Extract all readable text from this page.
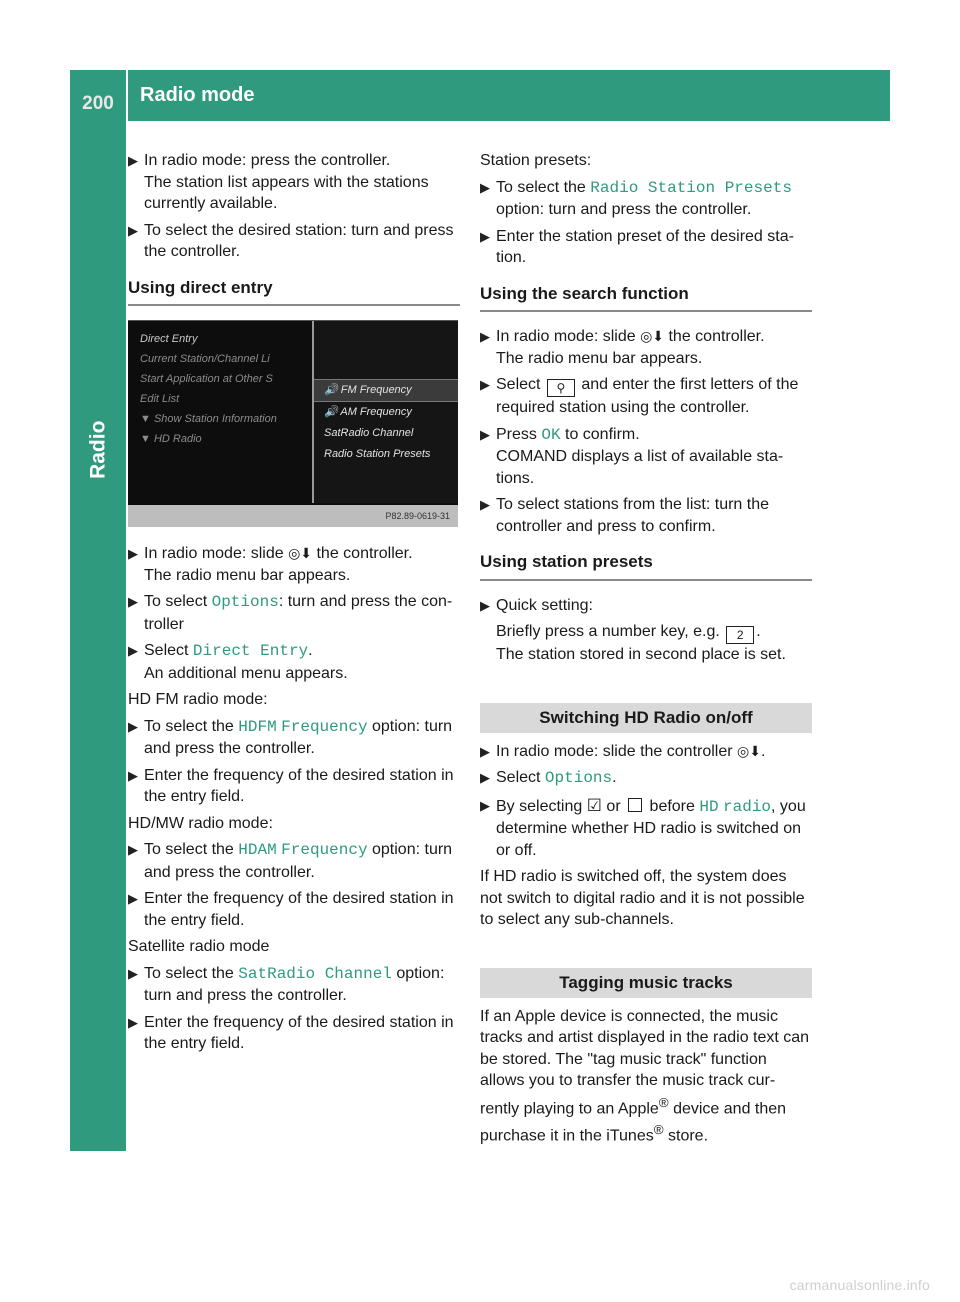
200	Radio mode
Radio
▶ In radio mode: press the controller.
The station list appears with the stations currently available.
▶ To select the desired station: turn and press the controller.
Using direct entry
Direct Entry
Current Station/Channel Li
Start Application at Other S
Edit List
▼ Show Station Information
▼ HD Radio
🔊 FM Frequency
🔊 AM Frequency
SatRadio Channel
Radio Station Presets
P82.89-0619-31
▶ In radio mode: slide ◎⬇ the controller.
The radio menu bar appears.
▶ To select Options: turn and press the con-troller
▶ Select Direct Entry.
An additional menu appears.
HD FM radio mode:
▶ To select the HDFM Frequency option: turn and press the controller.
▶ Enter the frequency of the desired station in the entry field.
HD/MW radio mode:
▶ To select the HDAM Frequency option: turn and press the controller.
▶ Enter the frequency of the desired station in the entry field.
Satellite radio mode
▶ To select the SatRadio Channel option: turn and press the controller.
▶ Enter the frequency of the desired station in the entry field.
Station presets:
▶ To select the Radio Station Presets option: turn and press the controller.
▶ Enter the station preset of the desired sta-tion.
Using the search function
▶ In radio mode: slide ◎⬇ the controller.
The radio menu bar appears.
▶ Select ⚲ and enter the first letters of the required station using the controller.
▶ Press OK to confirm.
COMAND displays a list of available sta-tions.
▶ To select stations from the list: turn the controller and press to confirm.
Using station presets
▶ Quick setting:
Briefly press a number key, e.g. 2 .
The station stored in second place is set.
Switching HD Radio on/off
▶ In radio mode: slide the controller ◎⬇.
▶ Select Options.
▶ By selecting ☑ or  before HD radio, you determine whether HD radio is switched on or off.
If HD radio is switched off, the system does not switch to digital radio and it is not possible to select any sub-channels.
Tagging music tracks
If an Apple device is connected, the music tracks and artist displayed in the radio text can be stored. The "tag music track" function allows you to transfer the music track cur-rently playing to an Apple® device and then purchase it in the iTunes® store.
carmanualsonline.info
